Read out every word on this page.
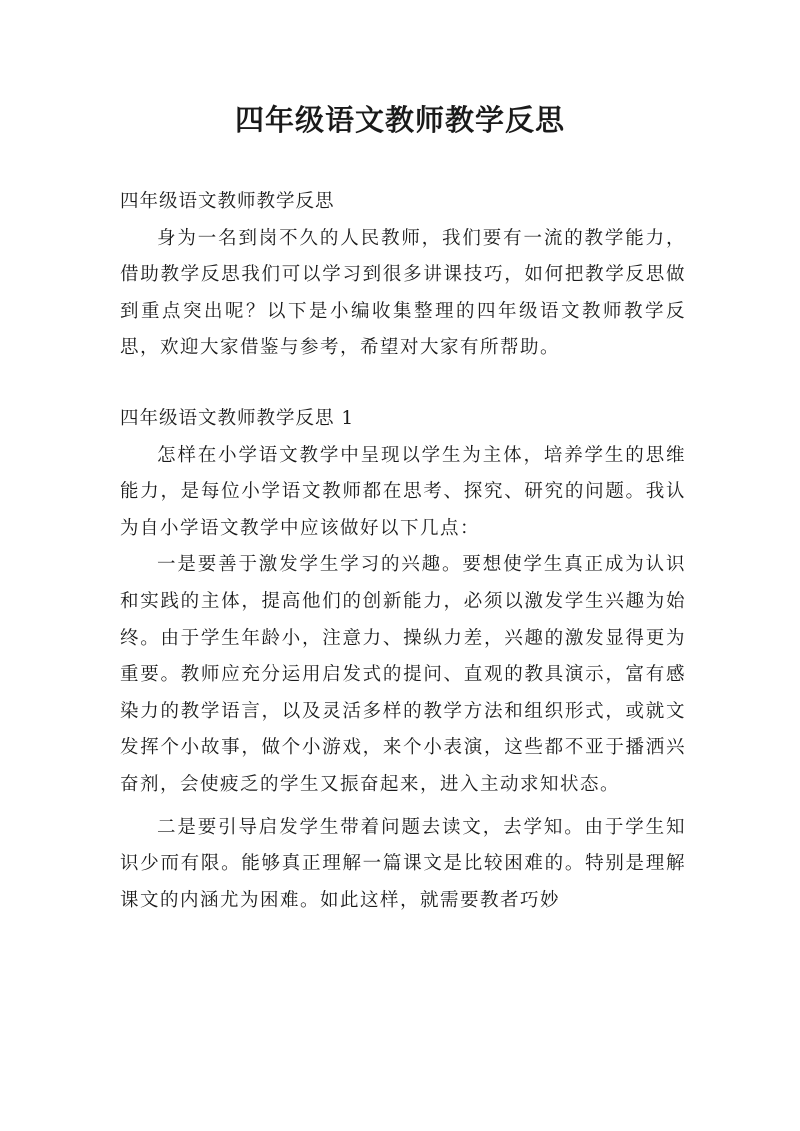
四年级语文教师教学反思

四年级语文教师教学反思

身为一名到岗不久的人民教师，我们要有一流的教学能力，借助教学反思我们可以学习到很多讲课技巧，如何把教学反思做到重点突出呢？以下是小编收集整理的四年级语文教师教学反思，欢迎大家借鉴与参考，希望对大家有所帮助。

四年级语文教师教学反思 1

怎样在小学语文教学中呈现以学生为主体，培养学生的思维能力，是每位小学语文教师都在思考、探究、研究的问题。我认为自小学语文教学中应该做好以下几点：

一是要善于激发学生学习的兴趣。要想使学生真正成为认识和实践的主体，提高他们的创新能力，必须以激发学生兴趣为始终。由于学生年龄小，注意力、操纵力差，兴趣的激发显得更为重要。教师应充分运用启发式的提问、直观的教具演示，富有感染力的教学语言，以及灵活多样的教学方法和组织形式，或就文发挥个小故事，做个小游戏，来个小表演，这些都不亚于播洒兴奋剂，会使疲乏的学生又振奋起来，进入主动求知状态。

二是要引导启发学生带着问题去读文，去学知。由于学生知识少而有限。能够真正理解一篇课文是比较困难的。特别是理解课文的内涵尤为困难。如此这样，就需要教者巧妙
